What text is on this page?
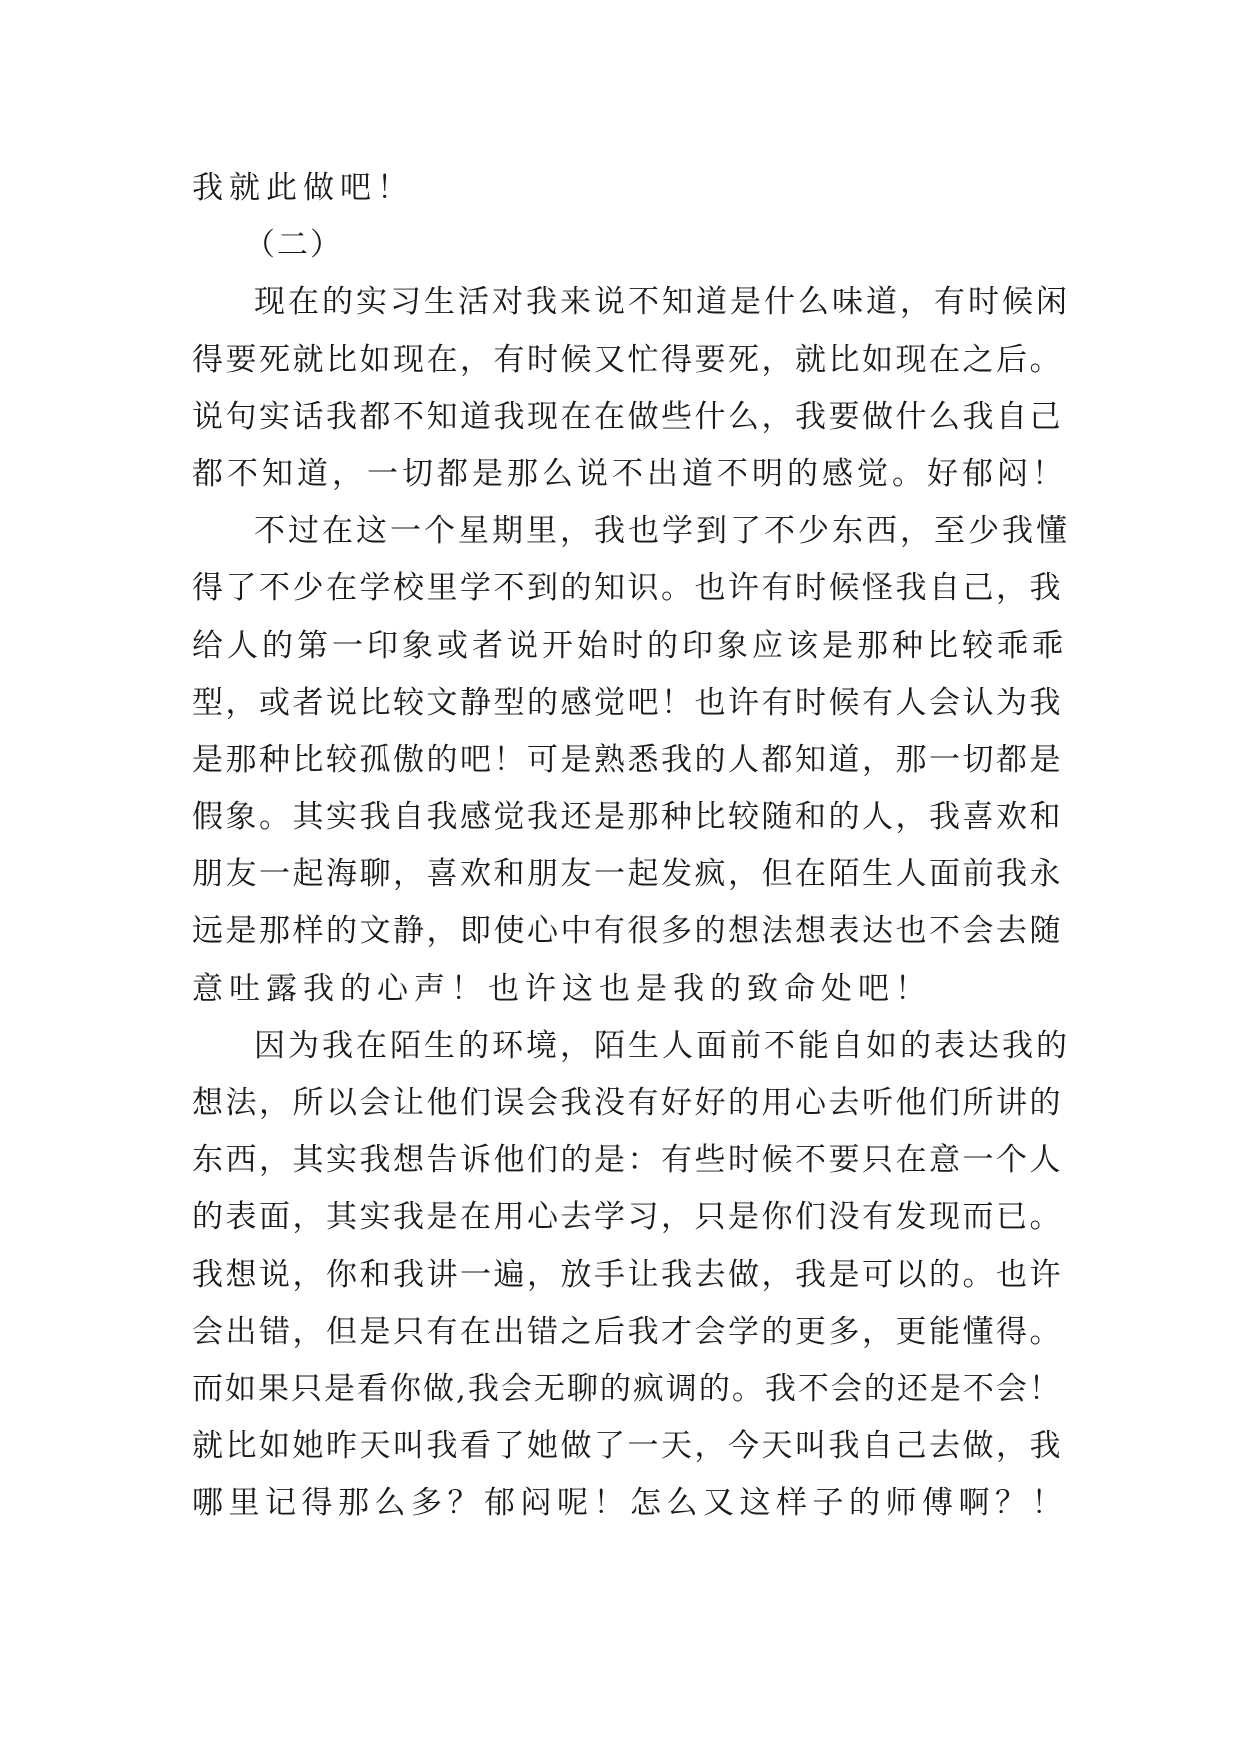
我就此做吧！
（二）
现在的实习生活对我来说不知道是什么味道，有时候闲
得要死就比如现在，有时候又忙得要死，就比如现在之后。
说句实话我都不知道我现在在做些什么，我要做什么我自己
都不知道，一切都是那么说不出道不明的感觉。好郁闷！
不过在这一个星期里，我也学到了不少东西，至少我懂
得了不少在学校里学不到的知识。也许有时候怪我自己，我
给人的第一印象或者说开始时的印象应该是那种比较乖乖
型，或者说比较文静型的感觉吧！也许有时候有人会认为我
是那种比较孤傲的吧！可是熟悉我的人都知道，那一切都是
假象。其实我自我感觉我还是那种比较随和的人，我喜欢和
朋友一起海聊，喜欢和朋友一起发疯，但在陌生人面前我永
远是那样的文静，即使心中有很多的想法想表达也不会去随
意吐露我的心声！也许这也是我的致命处吧！
因为我在陌生的环境，陌生人面前不能自如的表达我的
想法，所以会让他们误会我没有好好的用心去听他们所讲的
东西，其实我想告诉他们的是：有些时候不要只在意一个人
的表面，其实我是在用心去学习，只是你们没有发现而已。
我想说，你和我讲一遍，放手让我去做，我是可以的。也许
会出错，但是只有在出错之后我才会学的更多，更能懂得。
而如果只是看你做,我会无聊的疯调的。我不会的还是不会！
就比如她昨天叫我看了她做了一天，今天叫我自己去做，我
哪里记得那么多？郁闷呢！怎么又这样子的师傅啊？！
